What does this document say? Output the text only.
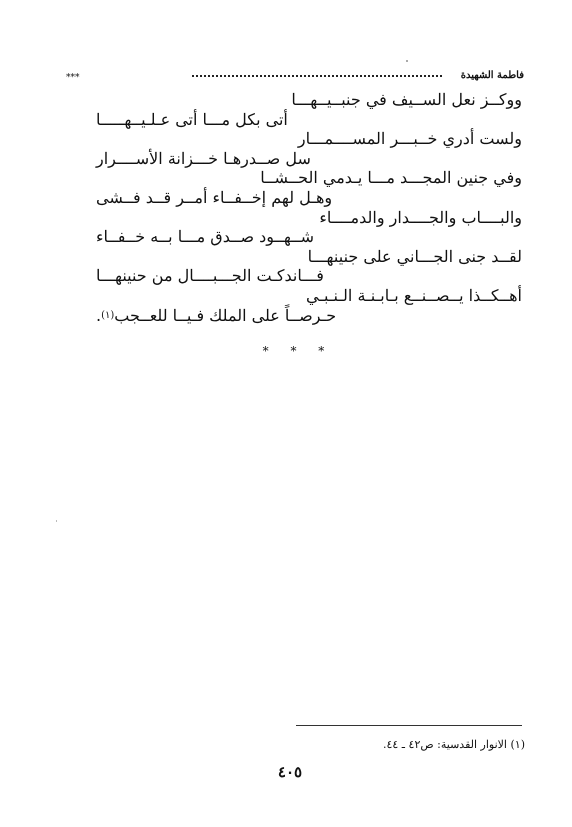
فاطمة الشهيدة
***
ووكــز نعل الســيف في جنبــيــهـــا
أتى بكل مـــا أتى عـلـيــهـــــا
ولست أدري خــبـــر المســــمـــار
سل صــدرهـا خـــزانة الأســــرار
وفي جنين المجـــد مـــا يـدمي الحــشــا
وهـل لهم إخــفــاء أمــر قــد فــشى
والبــــاب والجــــدار والدمــــاء
شــهــود صــدق مـــا بــه خــفــاء
لقــد جنى الجـــاني على جنينهـــا
فـــاندكـت الجـــبــــال من حنينهـــا
أهــكــذا يــصــنــع بـابـنـة الـنـبـي
حـرصــاً على الملك فـيــا للعــجب$^{(١)}$.
* * *
(١) الانوار القدسية: ص٤٢ ـ ٤٤.
٤٠٥
